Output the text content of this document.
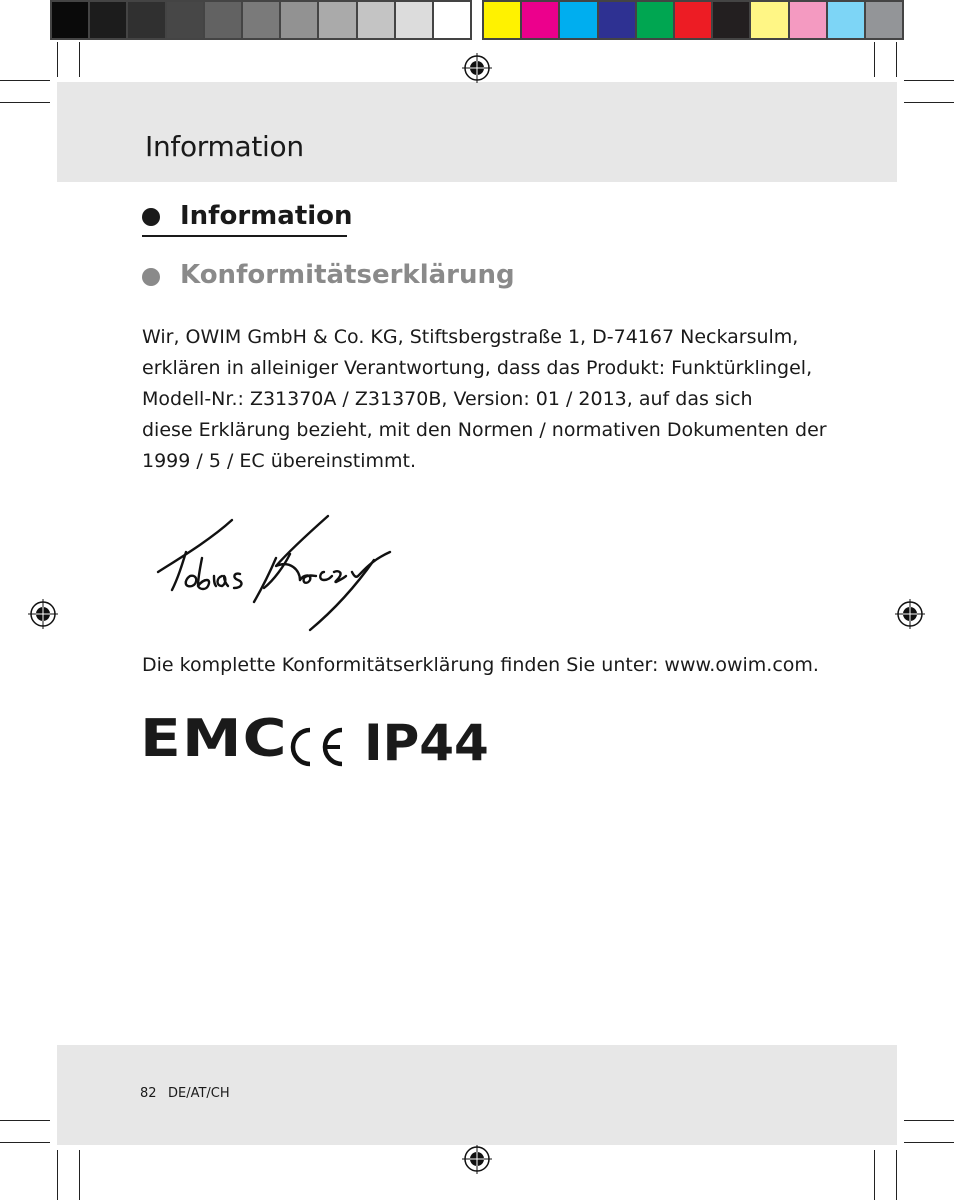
Information
Information
Konformitätserklärung
Wir, OWIM GmbH & Co. KG, Stiftsbergstraße 1, D-74167 Neckarsulm,
erklären in alleiniger Verantwortung, dass das Produkt: Funktürklingel,
Modell-Nr.: Z31370A / Z31370B, Version: 01 / 2013, auf das sich
diese Erklärung bezieht, mit den Normen / normativen Dokumenten der
1999 / 5 / EC übereinstimmt.
Die komplette Konformitätserklärung finden Sie unter: www.owim.com.
EMC IP44
82 DE/AT/CH
